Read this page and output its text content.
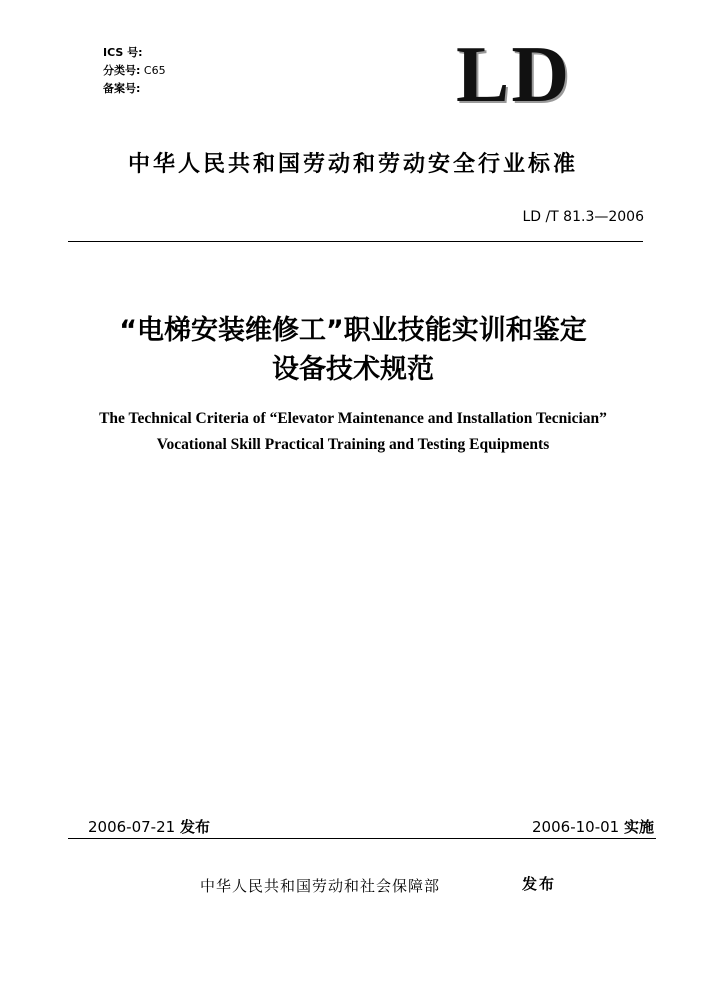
ICS 号:
分类号: C65
备案号:	LD
中华人民共和国劳动和劳动安全行业标准
LD /T 81.3—2006
“电梯安装维修工”职业技能实训和鉴定
设备技术规范
The Technical Criteria of “Elevator Maintenance and Installation Tecnician”
Vocational Skill Practical Training and Testing Equipments
2006-07-21 发布	2006-10-01 实施
中华人民共和国劳动和社会保障部	发布
